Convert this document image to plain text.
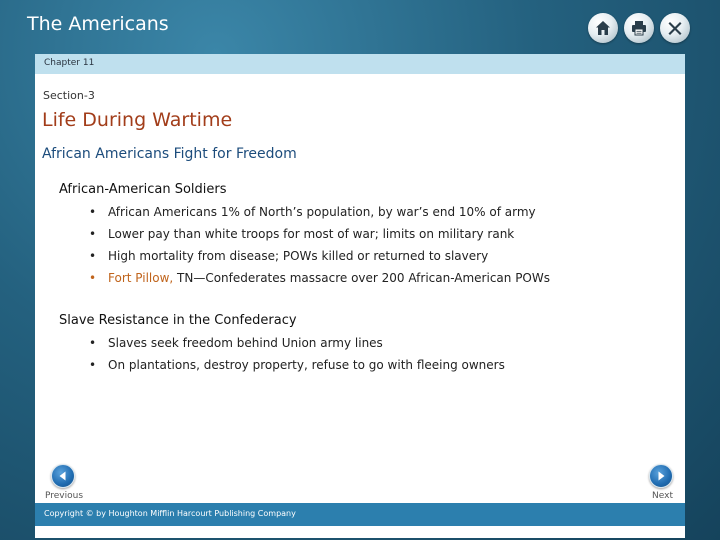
The Americans
Chapter 11
Section-3
Life During Wartime
African Americans Fight for Freedom
African-American Soldiers
• African Americans 1% of North’s population, by war’s end 10% of army
• Lower pay than white troops for most of war; limits on military rank
• High mortality from disease; POWs killed or returned to slavery
• Fort Pillow, TN—Confederates massacre over 200 African-American POWs
Slave Resistance in the Confederacy
• Slaves seek freedom behind Union army lines
• On plantations, destroy property, refuse to go with fleeing owners
Previous	Next
Copyright © by Houghton Mifflin Harcourt Publishing Company
